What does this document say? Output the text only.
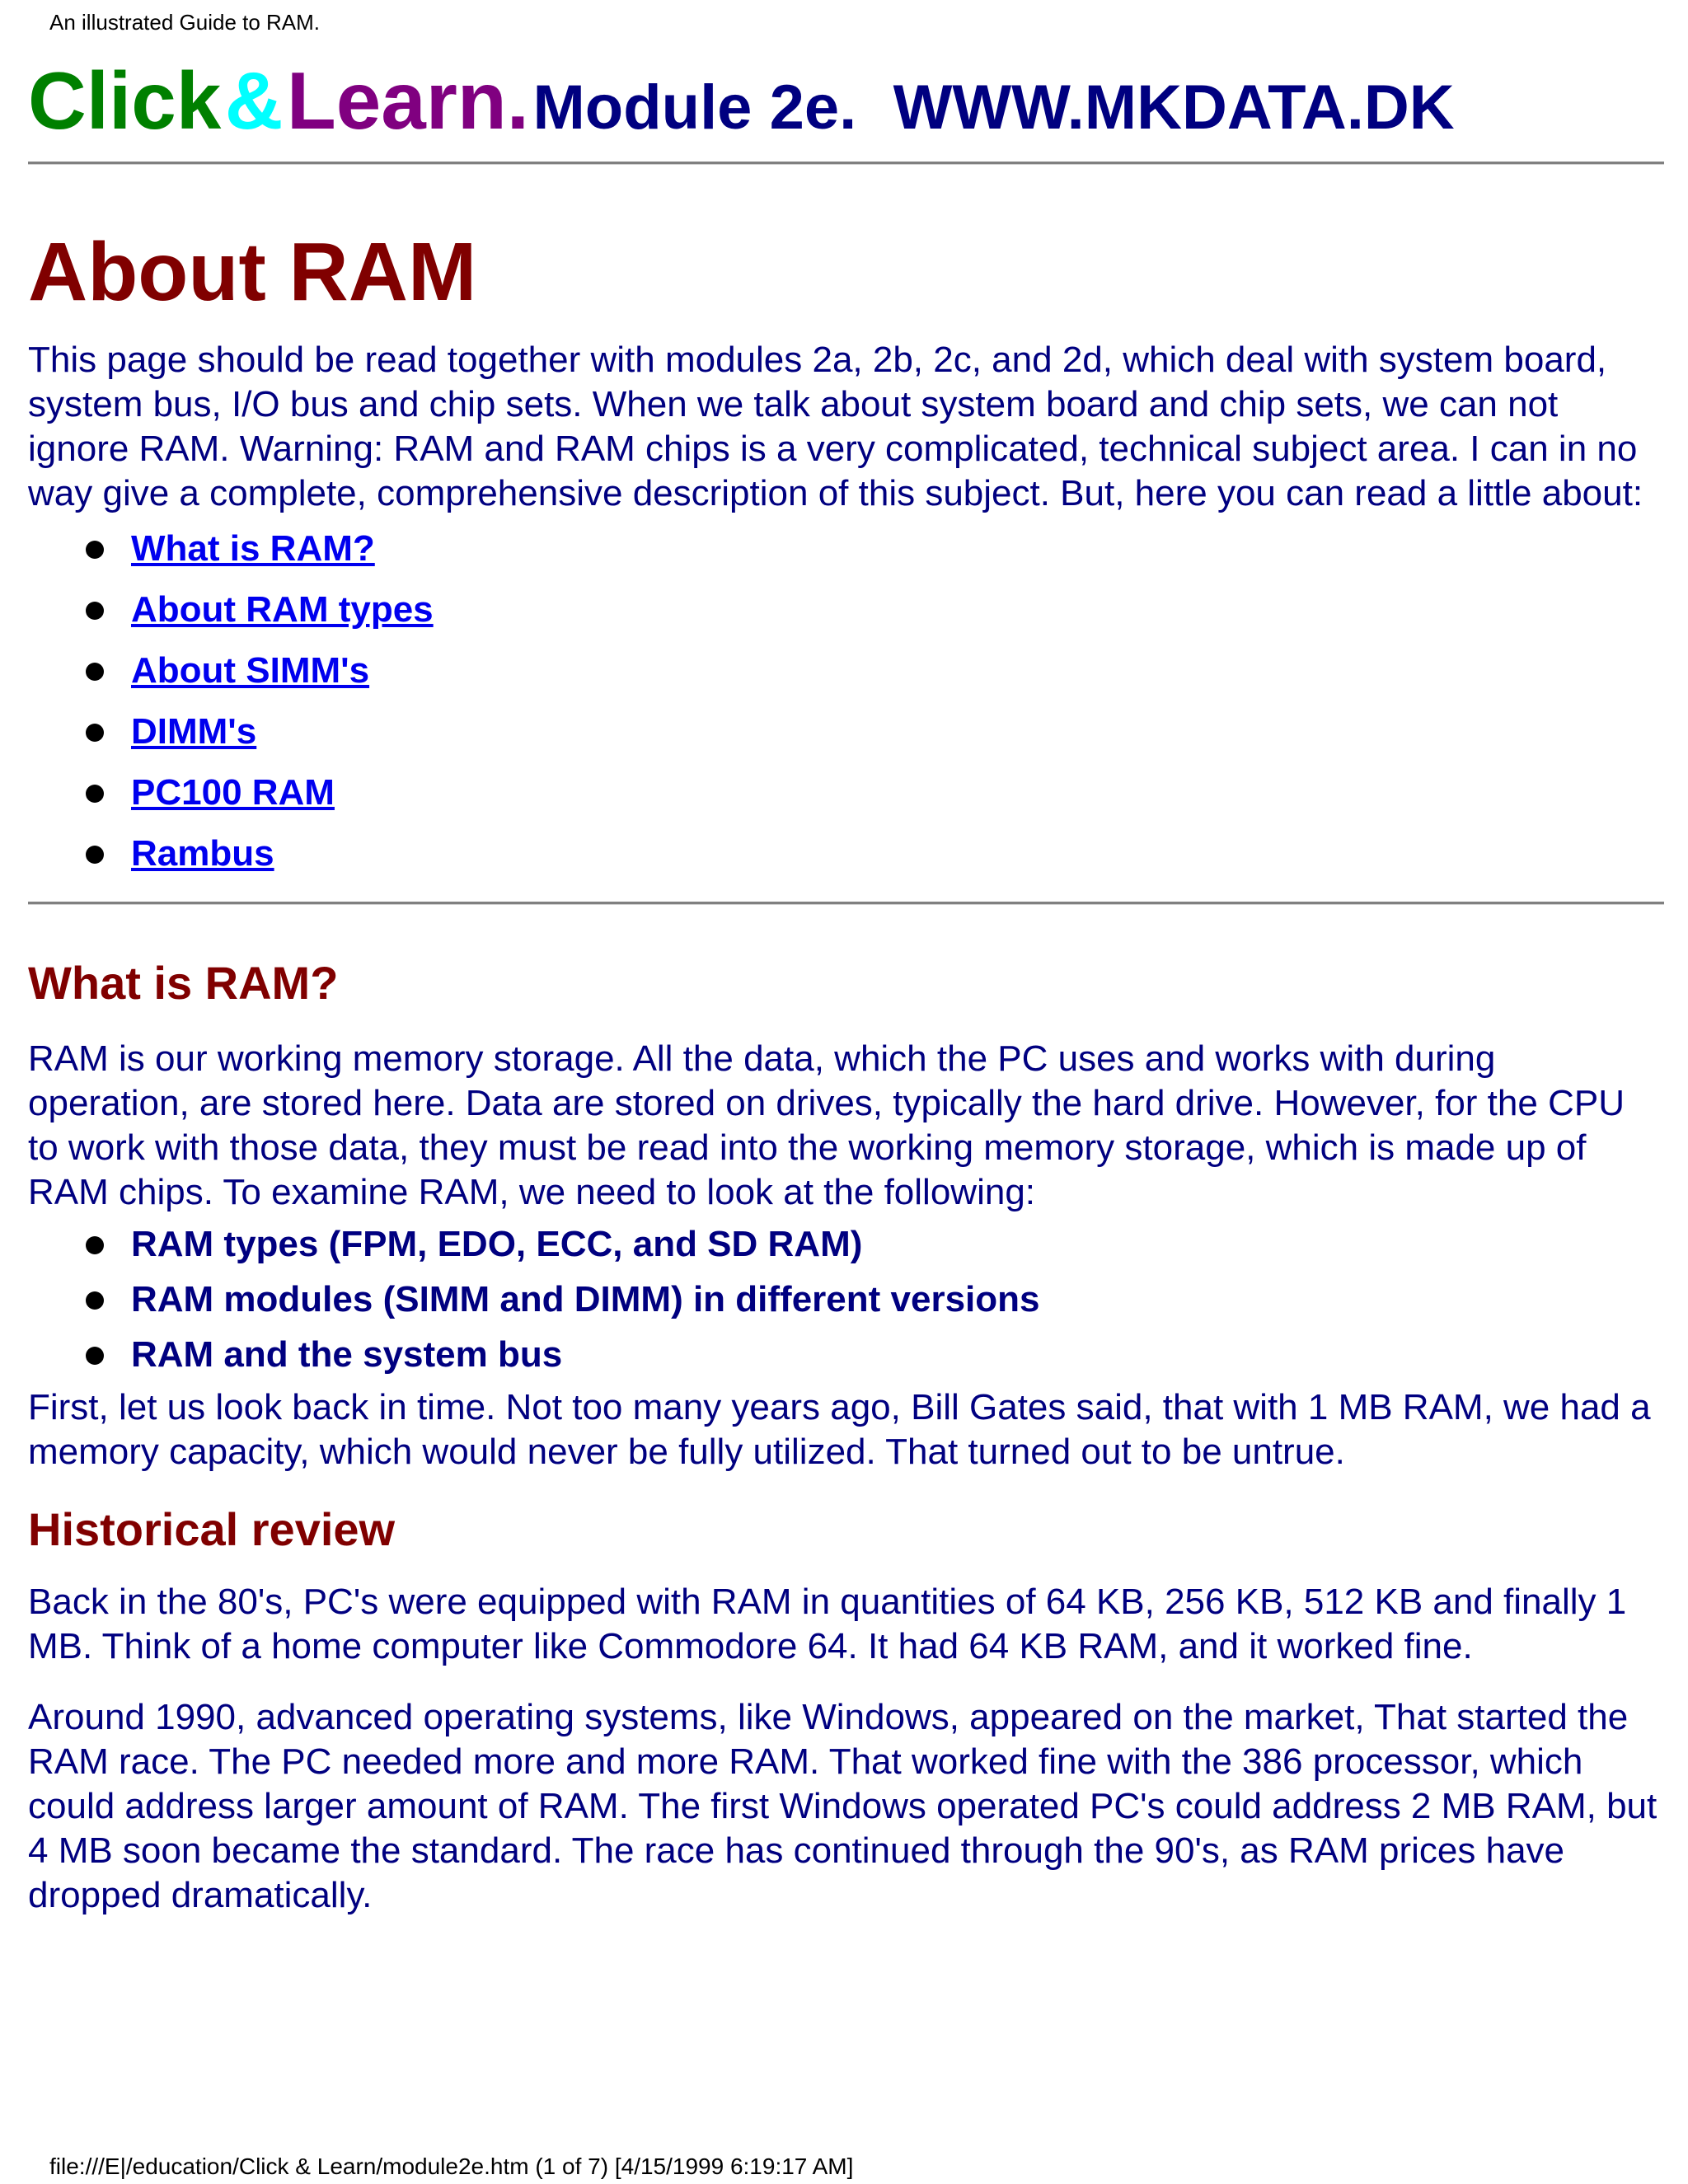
An illustrated Guide to RAM.
Click & Learn. Module 2e. WWW.MKDATA.DK
About RAM

This page should be read together with modules 2a, 2b, 2c, and 2d, which deal with system board, system bus, I/O bus and chip sets. When we talk about system board and chip sets, we can not ignore RAM. Warning: RAM and RAM chips is a very complicated, technical subject area. I can in no way give a complete, comprehensive description of this subject. But, here you can read a little about:

What is RAM?
About RAM types
About SIMM's
DIMM's
PC100 RAM
Rambus
What is RAM?

RAM is our working memory storage. All the data, which the PC uses and works with during operation, are stored here. Data are stored on drives, typically the hard drive. However, for the CPU to work with those data, they must be read into the working memory storage, which is made up of RAM chips. To examine RAM, we need to look at the following:

RAM types (FPM, EDO, ECC, and SD RAM)
RAM modules (SIMM and DIMM) in different versions
RAM and the system bus

First, let us look back in time. Not too many years ago, Bill Gates said, that with 1 MB RAM, we had a memory capacity, which would never be fully utilized. That turned out to be untrue.

Historical review

Back in the 80's, PC's were equipped with RAM in quantities of 64 KB, 256 KB, 512 KB and finally 1 MB. Think of a home computer like Commodore 64. It had 64 KB RAM, and it worked fine.

Around 1990, advanced operating systems, like Windows, appeared on the market, That started the RAM race. The PC needed more and more RAM. That worked fine with the 386 processor, which could address larger amount of RAM. The first Windows operated PC's could address 2 MB RAM, but 4 MB soon became the standard. The race has continued through the 90's, as RAM prices have dropped dramatically.

file:///E|/education/Click & Learn/module2e.htm (1 of 7) [4/15/1999 6:19:17 AM]
